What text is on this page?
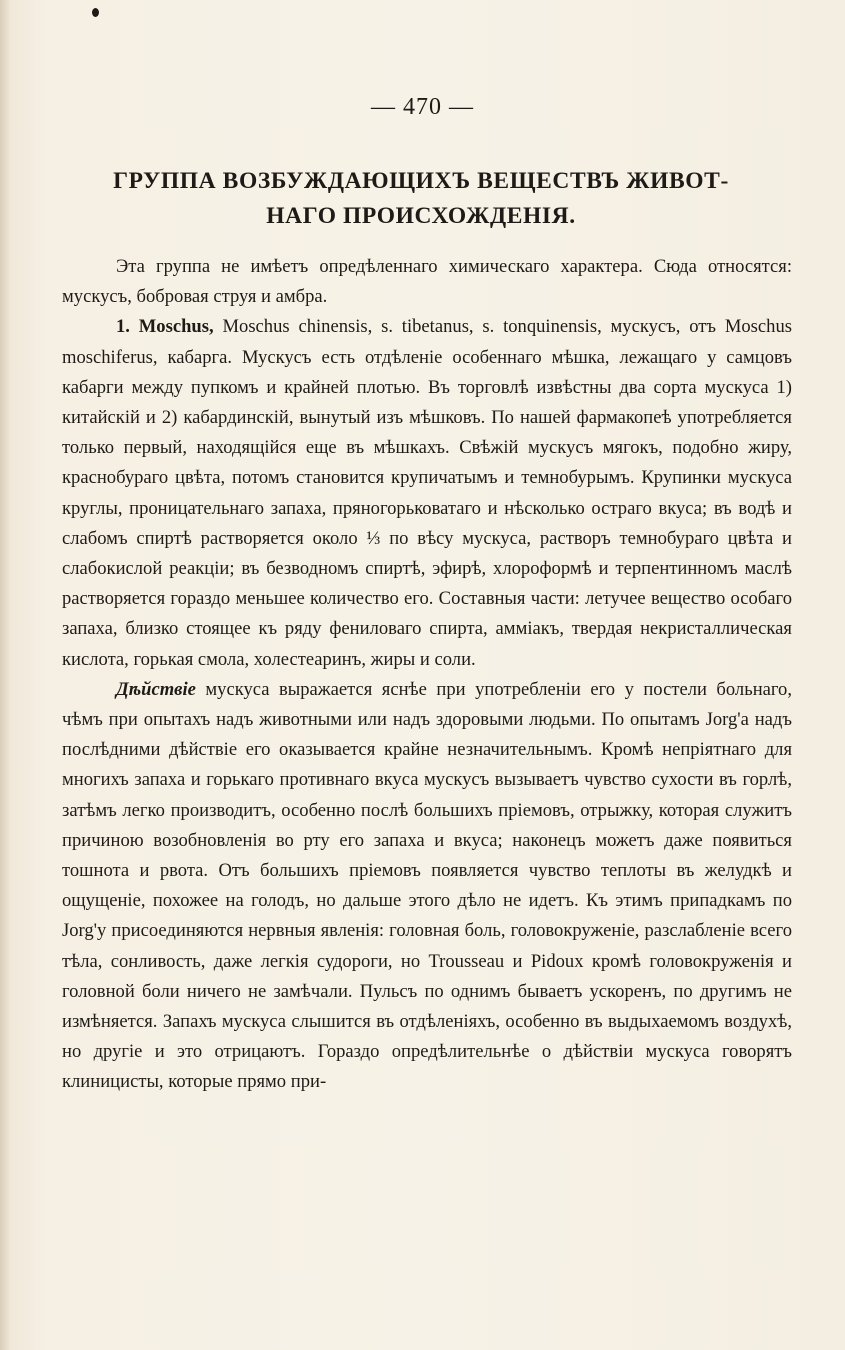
— 470 —
ГРУППА ВОЗБУЖДАЮЩИХЪ ВЕЩЕСТВЪ ЖИВОТ-
НАГО ПРОИСХОЖДЕНІЯ.

Эта группа не имѣетъ опредѣленнаго химическаго характера. Сюда относятся: мускусъ, бобровая струя и амбра.

1. Moschus, Moschus chinensis, s. tibetanus, s. tonquinensis, мускусъ, отъ Moschus moschiferus, кабарга. Мускусъ есть отдѣленіе особеннаго мѣшка, лежащаго у самцовъ кабарги между пупкомъ и крайней плотью. Въ торговлѣ извѣстны два сорта мускуса 1) китайскій и 2) кабардинскій, вынутый изъ мѣшковъ. По нашей фармакопеѣ употребляется только первый, находящійся еще въ мѣшкахъ. Свѣжій мускусъ мягокъ, подобно жиру, краснобураго цвѣта, потомъ становится крупичатымъ и темнобурымъ. Крупинки мускуса круглы, проницательнаго запаха, пряногорьковатаго и нѣсколько остраго вкуса; въ водѣ и слабомъ спиртѣ растворяется около ⅓ по вѣсу мускуса, растворъ темнобураго цвѣта и слабокислой реакціи; въ безводномъ спиртѣ, эфирѣ, хлороформѣ и терпентинномъ маслѣ растворяется гораздо меньшее количество его. Составныя части: летучее вещество особаго запаха, близко стоящее къ ряду фениловаго спирта, амміакъ, твердая некристаллическая кислота, горькая смола, холестеаринъ, жиры и соли.

Дѣйствіе мускуса выражается яснѣе при употребленіи его у постели больнаго, чѣмъ при опытахъ надъ животными или надъ здоровыми людьми. По опытамъ Jorg'а надъ послѣдними дѣйствіе его оказывается крайне незначительнымъ. Кромѣ непріятнаго для многихъ запаха и горькаго противнаго вкуса мускусъ вызываетъ чувство сухости въ горлѣ, затѣмъ легко производитъ, особенно послѣ большихъ пріемовъ, отрыжку, которая служитъ причиною возобновленія во рту его запаха и вкуса; наконецъ можетъ даже появиться тошнота и рвота. Отъ большихъ пріемовъ появляется чувство теплоты въ желудкѣ и ощущеніе, похожее на голодъ, но дальше этого дѣло не идетъ. Къ этимъ припадкамъ по Jorg'у присоединяются нервныя явленія: головная боль, головокруженіе, разслабленіе всего тѣла, сонливость, даже легкія судороги, но Trousseau и Pidoux кромѣ головокруженія и головной боли ничего не замѣчали. Пульсъ по однимъ бываетъ ускоренъ, по другимъ не измѣняется. Запахъ мускуса слышится въ отдѣленіяхъ, особенно въ выдыхаемомъ воздухѣ, но другіе и это отрицаютъ. Гораздо опредѣлительнѣе о дѣйствіи мускуса говорятъ клиницисты, которые прямо при-
